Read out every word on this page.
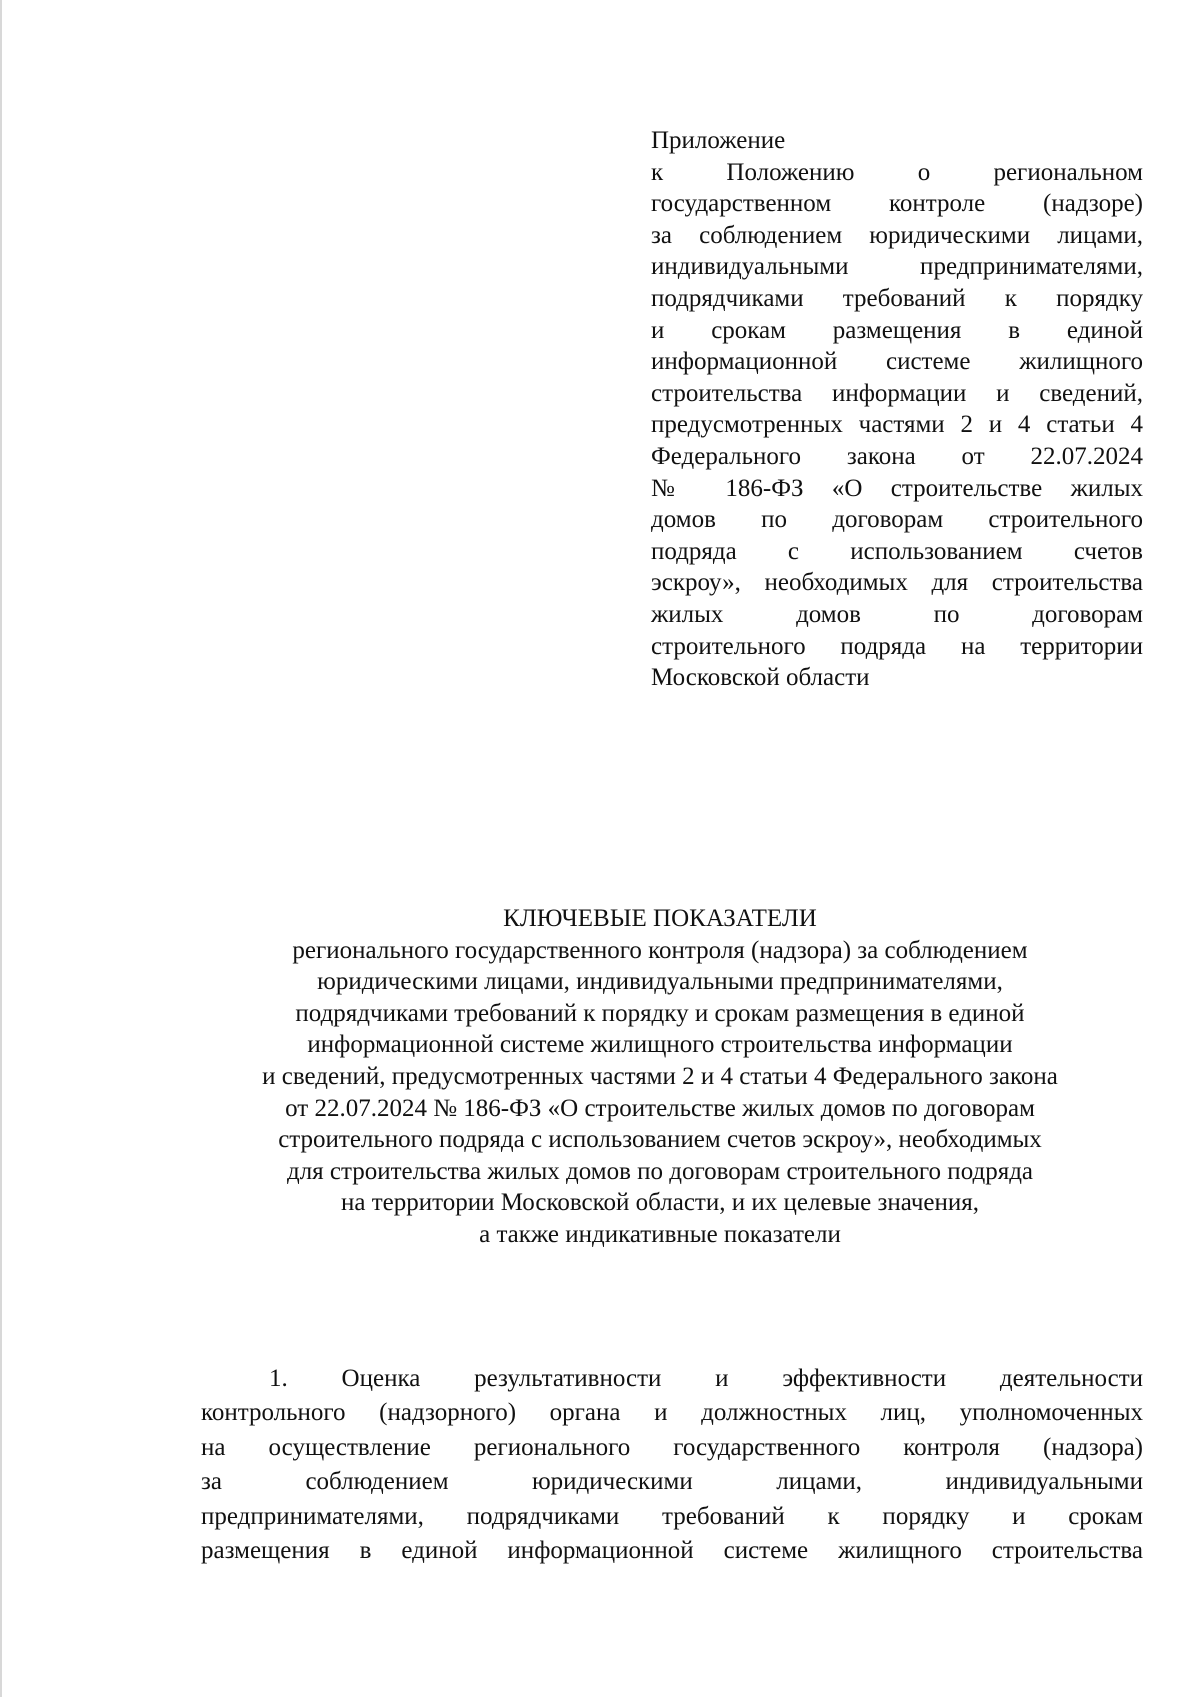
Приложение
к Положению о региональном
государственном контроле (надзоре)
за соблюдением юридическими лицами,
индивидуальными предпринимателями,
подрядчиками требований к порядку
и срокам размещения в единой
информационной системе жилищного
строительства информации и сведений,
предусмотренных частями 2 и 4 статьи 4
Федерального закона от 22.07.2024
№ 186-ФЗ «О строительстве жилых
домов по договорам строительного
подряда с использованием счетов
эскроу», необходимых для строительства
жилых домов по договорам
строительного подряда на территории
Московской области
КЛЮЧЕВЫЕ ПОКАЗАТЕЛИ
регионального государственного контроля (надзора) за соблюдением
юридическими лицами, индивидуальными предпринимателями,
подрядчиками требований к порядку и срокам размещения в единой
информационной системе жилищного строительства информации
и сведений, предусмотренных частями 2 и 4 статьи 4 Федерального закона
от 22.07.2024 № 186-ФЗ «О строительстве жилых домов по договорам
строительного подряда с использованием счетов эскроу», необходимых
для строительства жилых домов по договорам строительного подряда
на территории Московской области, и их целевые значения,
а также индикативные показатели
1. Оценка результативности и эффективности деятельности
контрольного (надзорного) органа и должностных лиц, уполномоченных
на осуществление регионального государственного контроля (надзора)
за соблюдением юридическими лицами, индивидуальными
предпринимателями, подрядчиками требований к порядку и срокам
размещения в единой информационной системе жилищного строительства
